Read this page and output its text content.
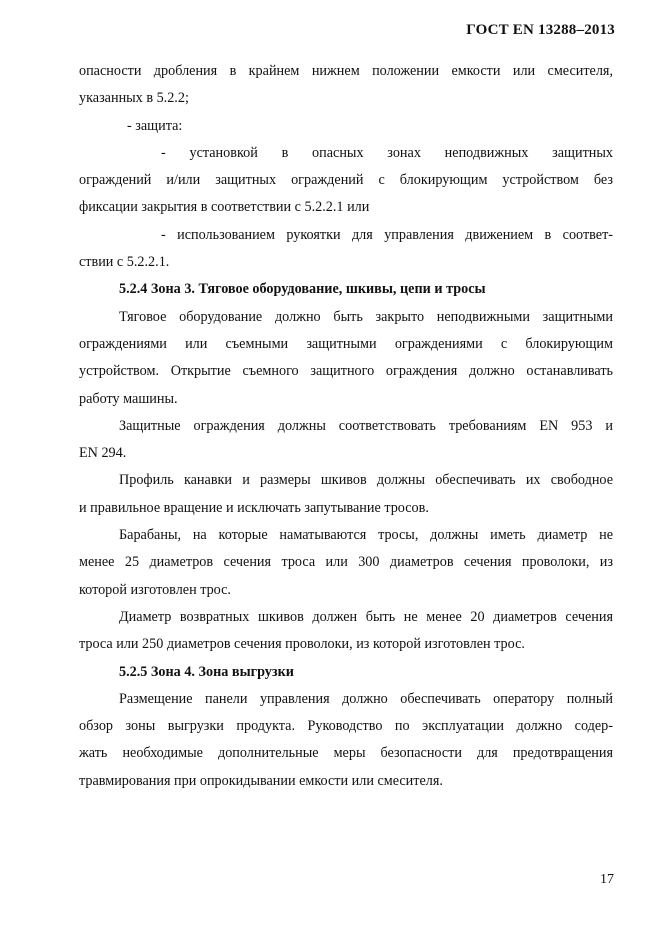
ГОСТ EN 13288–2013
опасности дробления в крайнем нижнем положении емкости или смесителя,
указанных в 5.2.2;
- защита:
- установкой в опасных зонах неподвижных защитных
ограждений и/или защитных ограждений с блокирующим устройством без
фиксации закрытия в соответствии с 5.2.2.1 или
- использованием рукоятки для управления движением в соответ-
ствии с 5.2.2.1.
5.2.4 Зона 3. Тяговое оборудование, шкивы, цепи и тросы
Тяговое оборудование должно быть закрыто неподвижными защитными
ограждениями или съемными защитными ограждениями с блокирующим
устройством. Открытие съемного защитного ограждения должно останавливать
работу машины.
Защитные ограждения должны соответствовать требованиям EN 953 и
EN 294.
Профиль канавки и размеры шкивов должны обеспечивать их свободное
и правильное вращение и исключать запутывание тросов.
Барабаны, на которые наматываются тросы, должны иметь диаметр не
менее 25 диаметров сечения троса или 300 диаметров сечения проволоки, из
которой изготовлен трос.
Диаметр возвратных шкивов должен быть не менее 20 диаметров сечения
троса или 250 диаметров сечения проволоки, из которой изготовлен трос.
5.2.5 Зона 4. Зона выгрузки
Размещение панели управления должно обеспечивать оператору полный
обзор зоны выгрузки продукта. Руководство по эксплуатации должно содер-
жать необходимые дополнительные меры безопасности для предотвращения
травмирования при опрокидывании емкости или смесителя.
17
